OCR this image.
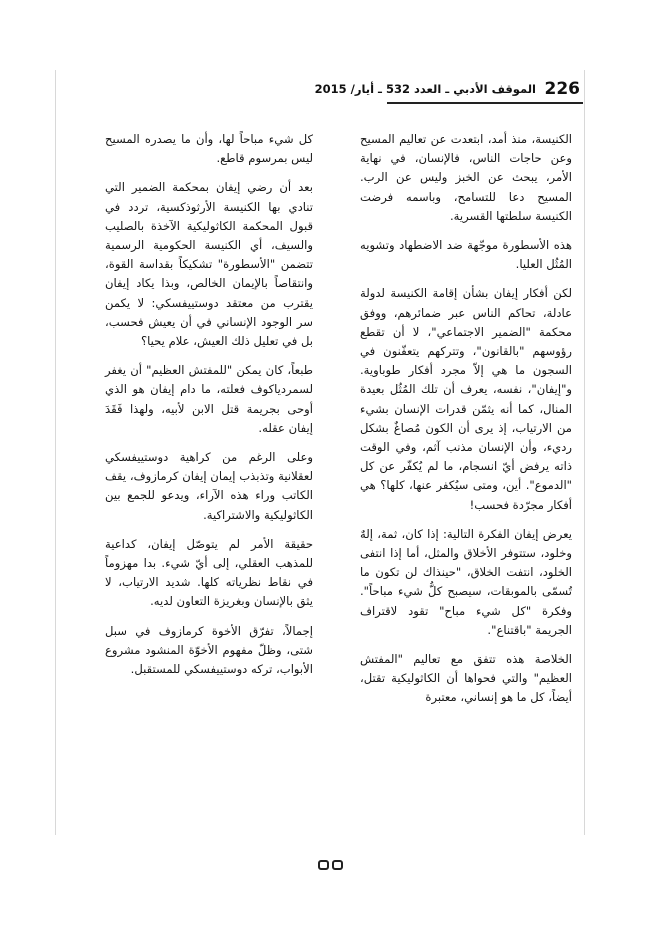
الموقف الأدبي ـ العدد 532 ـ أيار/ 2015 226

الكنيسة، منذ أمد، ابتعدت عن تعاليم المسيح وعن حاجات الناس، فالإنسان، في نهاية الأمر، يبحث عن الخبز وليس عن الرب. المسيح دعا للتسامح، وباسمه فرضت الكنيسة سلطتها القسرية.

هذه الأسطورة موجّهة ضد الاضطهاد وتشويه المُثُل العليا.

لكن أفكار إيفان بشأن إقامة الكنيسة لدولة عادلة، تحاكم الناس عبر ضمائرهم، ووفق محكمة "الضمير الاجتماعي"، لا أن تقطع رؤوسهم "بالقانون"، وتتركهم يتعفّنون في السجون ما هي إلاّ مجرد أفكار طوباوية. و"إيفان"، نفسه، يعرف أن تلك المُثُل بعيدة المنال، كما أنه يثمّن قدرات الإنسان بشيء من الارتياب، إذ يرى أن الكون مُصاغٌ بشكل رديء، وأن الإنسان مذنب آثم، وفي الوقت ذاته يرفض أيّ انسجام، ما لم يُكفّر عن كل "الدموع". أين، ومتى سيُكفر عنها، كلها؟ هي أفكار مجرّدة فحسب!

يعرض إيفان الفكرة التالية: إذا كان، ثمة، إلهٌ وخلود، ستتوفر الأخلاق والمثل، أما إذا انتفى الخلود، انتفت الخلاق، "حينذاك لن تكون ما تُسمّى بالموبقات، سيصبح كلُّ شيء مباحاً". وفكرة "كل شيء مباح" تقود لاقتراف الجريمة "باقتناع".

الخلاصة هذه تتفق مع تعاليم "المفتش العظيم" والتي فحواها أن الكاثوليكية تقتل، أيضاً، كل ما هو إنساني، معتبرة

كل شيء مباحاً لها، وأن ما يصدره المسيح ليس بمرسوم قاطع.

بعد أن رضي إيفان بمحكمة الضمير التي تنادي بها الكنيسة الأرثوذكسية، تردد في قبول المحكمة الكاثوليكية الآخذة بالصليب والسيف، أي الكنيسة الحكومية الرسمية تتضمن "الأسطورة" تشكيكاً بقداسة القوة، وانتقاصاً بالإيمان الخالص، وبذا يكاد إيفان يقترب من معتقد دوستييفسكي: لا يكمن سر الوجود الإنساني في أن يعيش فحسب، بل في تعليل ذلك العيش، علام يحيا؟

طبعاً، كان يمكن "للمفتش العظيم" أن يغفر لسمردياكوف فعلته، ما دام إيفان هو الذي أوحى بجريمة قتل الابن لأبيه، ولهذا فَقَدَ إيفان عقله.

وعلى الرغم من كراهية دوستييفسكي لعقلانية وتذبذب إيمان إيفان كرمازوف، يقف الكاتب وراء هذه الآراء، ويدعو للجمع بين الكاثوليكية والاشتراكية.

حقيقة الأمر لم يتوصّل إيفان، كداعية للمذهب العقلي، إلى أيّ شيء. بدا مهزوماً في نقاط نظرياته كلها. شديد الارتياب، لا يثق بالإنسان وبغريزة التعاون لديه.

إجمالاً، تفرّق الأخوة كرمازوف في سبل شتى، وظلّ مفهوم الأخوّة المنشود مشروع الأبواب، تركه دوستييفسكي للمستقبل.
